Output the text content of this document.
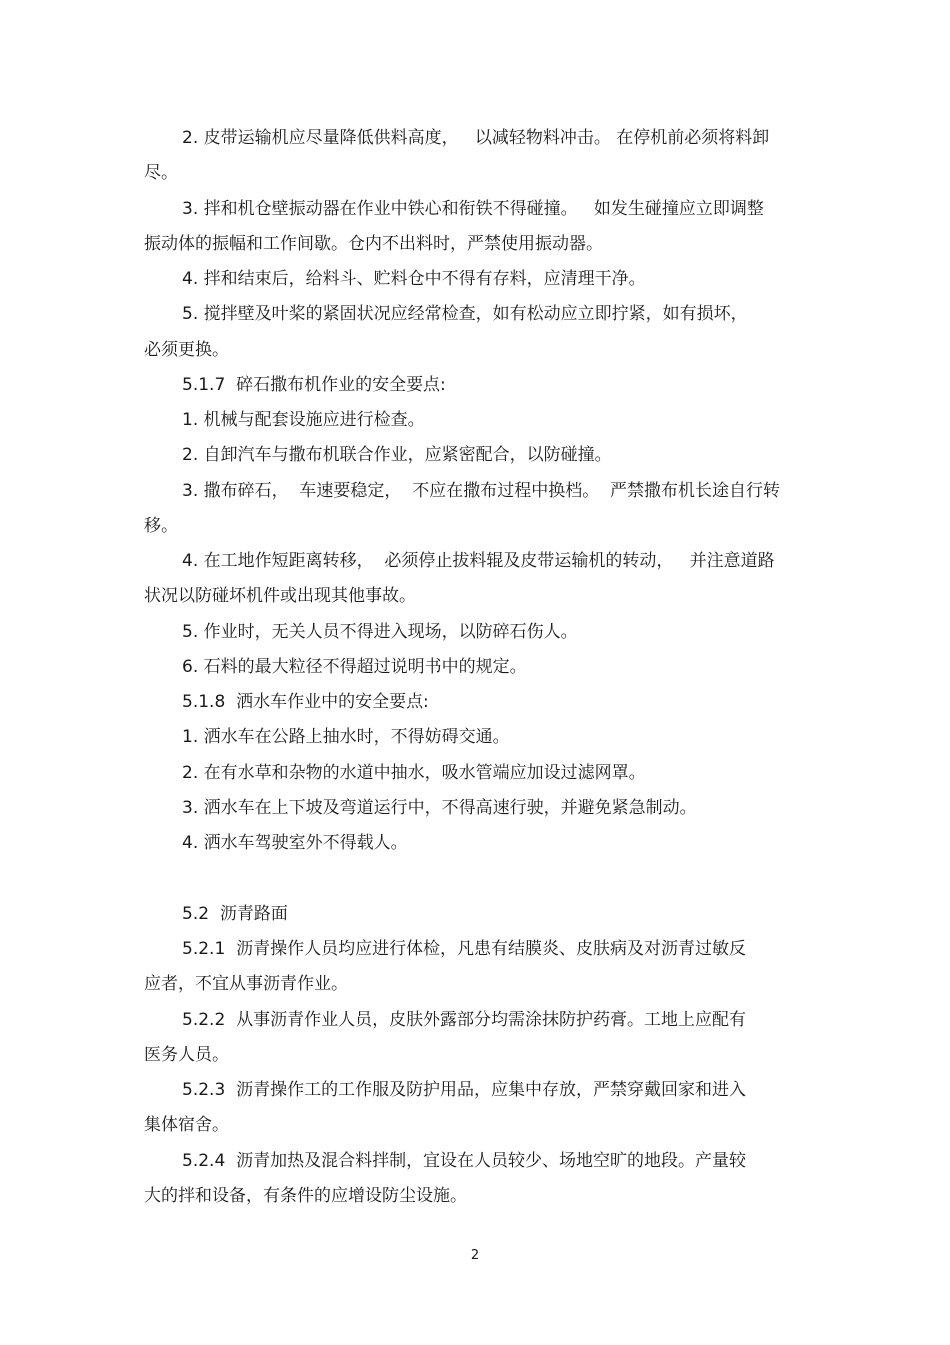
2. 皮带运输机应尽量降低供料高度，   以减轻物料冲击。 在停机前必须将料卸
尽。
3. 拌和机仓壁振动器在作业中铁心和衔铁不得碰撞。   如发生碰撞应立即调整
振动体的振幅和工作间歇。仓内不出料时，严禁使用振动器。
4. 拌和结束后，给料斗、贮料仓中不得有存料，应清理干净。
5. 搅拌壁及叶桨的紧固状况应经常检查，如有松动应立即拧紧，如有损坏，
必须更换。
5.1.7  碎石撒布机作业的安全要点:
1. 机械与配套设施应进行检查。
2. 自卸汽车与撒布机联合作业，应紧密配合，以防碰撞。
3. 撒布碎石，  车速要稳定，  不应在撒布过程中换档。  严禁撒布机长途自行转
移。
4. 在工地作短距离转移，  必须停止拔料辊及皮带运输机的转动，   并注意道路
状况以防碰坏机件或出现其他事故。
5. 作业时，无关人员不得进入现场，以防碎石伤人。
6. 石料的最大粒径不得超过说明书中的规定。
5.1.8  洒水车作业中的安全要点:
1. 洒水车在公路上抽水时，不得妨碍交通。
2. 在有水草和杂物的水道中抽水，吸水管端应加设过滤网罩。
3. 洒水车在上下坡及弯道运行中，不得高速行驶，并避免紧急制动。
4. 洒水车驾驶室外不得载人。
5.2  沥青路面
5.2.1  沥青操作人员均应进行体检，凡患有结膜炎、皮肤病及对沥青过敏反
应者，不宜从事沥青作业。
5.2.2  从事沥青作业人员，皮肤外露部分均需涂抹防护药膏。工地上应配有
医务人员。
5.2.3  沥青操作工的工作服及防护用品，应集中存放，严禁穿戴回家和进入
集体宿舍。
5.2.4  沥青加热及混合料拌制，宜设在人员较少、场地空旷的地段。产量较
大的拌和设备，有条件的应增设防尘设施。
2
